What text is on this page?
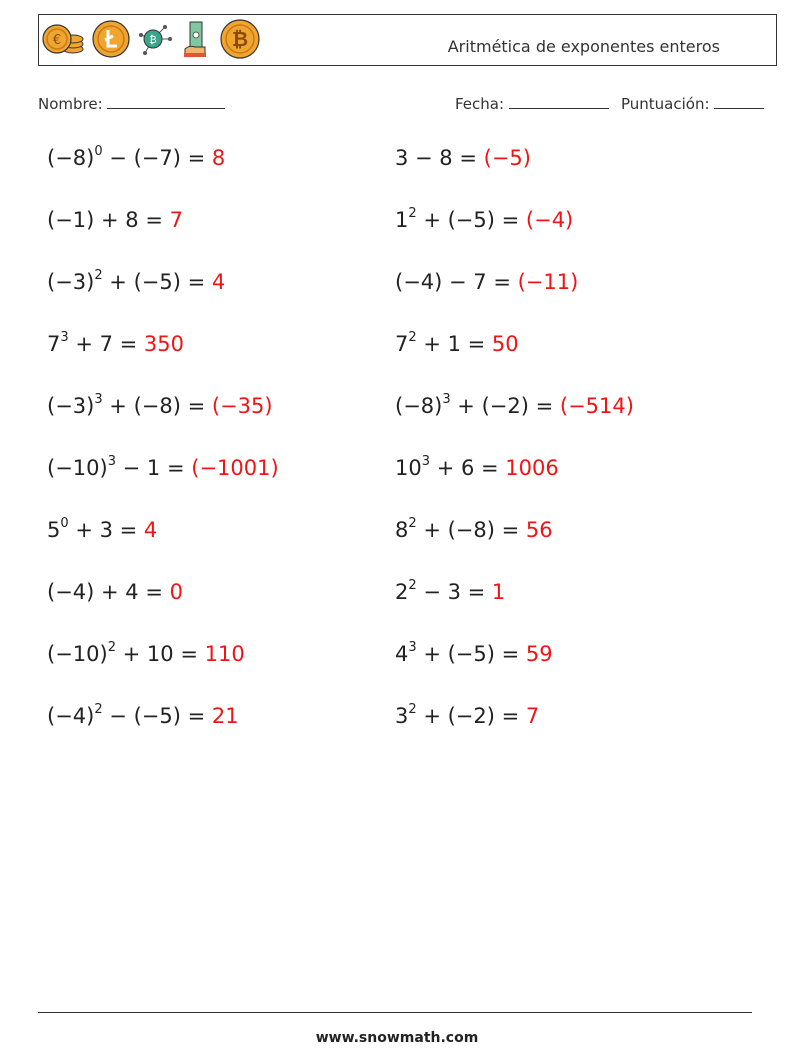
€	₿	₿	Aritmética de exponentes enteros
Nombre:	Fecha:	Puntuación:
$(-8)^0 - (-7) = 8$	3 − 8 = (−5)
(−1) + 8 = 7	$1^2 + (-5) = (-4)$
$(-3)^2 + (-5) = 4$	(−4) − 7 = (−11)
$7^3 + 7 = 350$	$7^2 + 1 = 50$
$(-3)^3 + (-8) = (-35)$	$(-8)^3 + (-2) = (-514)$
$(-10)^3 - 1 = (-1001)$	$10^3 + 6 = 1006$
$5^0 + 3 = 4$	$8^2 + (-8) = 56$
(−4) + 4 = 0	$2^2 - 3 = 1$
$(-10)^2 + 10 = 110$	$4^3 + (-5) = 59$
$(-4)^2 - (-5) = 21$	$3^2 + (-2) = 7$
www.snowmath.com
